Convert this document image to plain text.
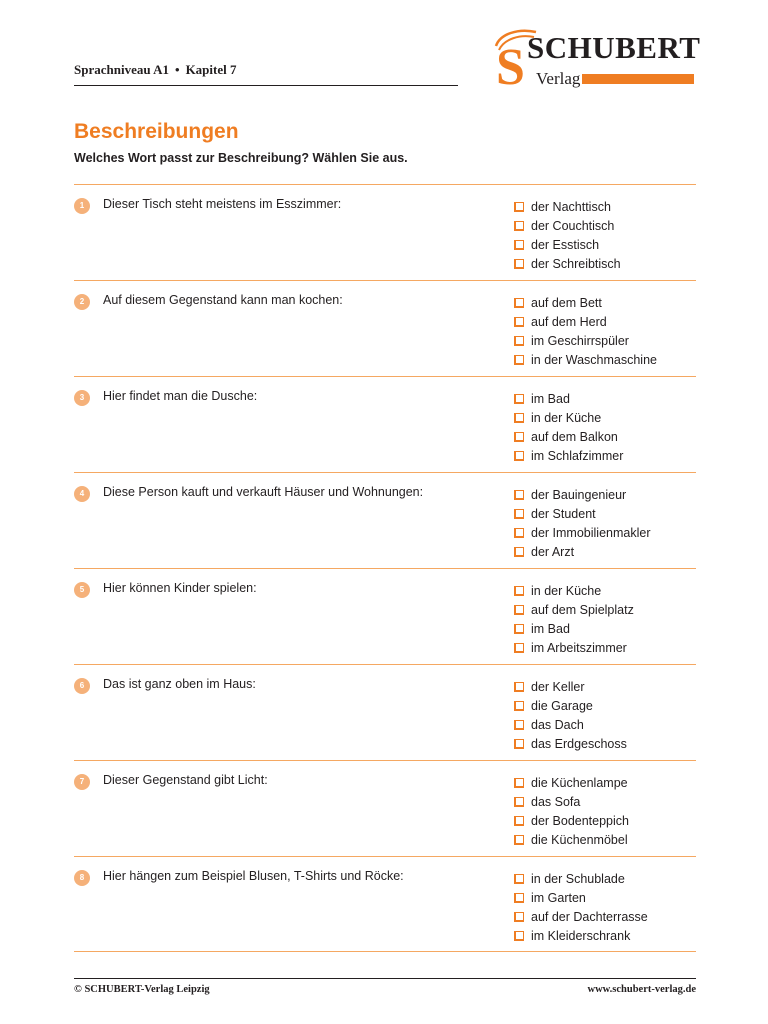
Sprachniveau A1 • Kapitel 7	S SCHUBERT
Verlag
Beschreibungen

Welches Wort passt zur Beschreibung? Wählen Sie aus.

1	Dieser Tisch steht meistens im Esszimmer:	der Nachttisch
der Couchtisch
der Esstisch
der Schreibtisch
2	Auf diesem Gegenstand kann man kochen:	auf dem Bett
auf dem Herd
im Geschirrspüler
in der Waschmaschine
3	Hier findet man die Dusche:	im Bad
in der Küche
auf dem Balkon
im Schlafzimmer
4	Diese Person kauft und verkauft Häuser und Wohnungen:	der Bauingenieur
der Student
der Immobilienmakler
der Arzt
5	Hier können Kinder spielen:	in der Küche
auf dem Spielplatz
im Bad
im Arbeitszimmer
6	Das ist ganz oben im Haus:	der Keller
die Garage
das Dach
das Erdgeschoss
7	Dieser Gegenstand gibt Licht:	die Küchenlampe
das Sofa
der Bodenteppich
die Küchenmöbel
8	Hier hängen zum Beispiel Blusen, T-Shirts und Röcke:	in der Schublade
im Garten
auf der Dachterrasse
im Kleiderschrank
© SCHUBERT-Verlag Leipzig	www.schubert-verlag.de
